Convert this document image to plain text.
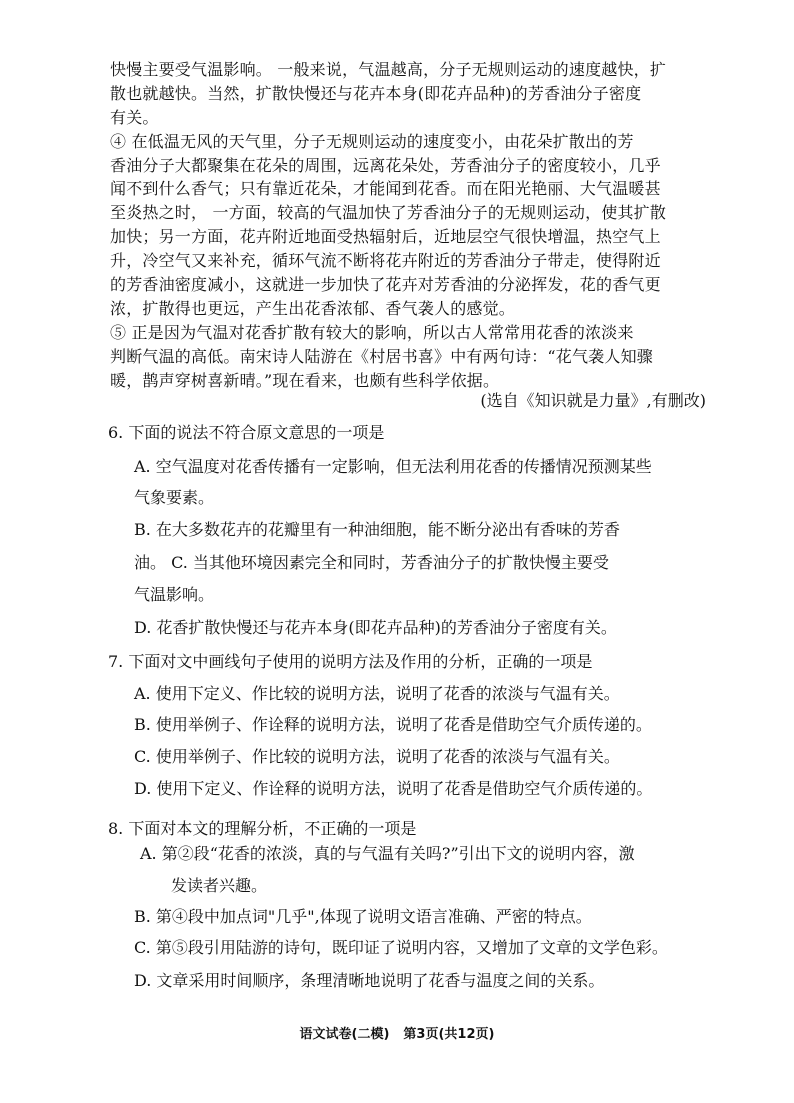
快慢主要受气温影响。 一般来说，气温越高，分子无规则运动的速度越快，扩
散也就越快。当然，扩散快慢还与花卉本身(即花卉品种)的芳香油分子密度
有关。
④ 在低温无风的天气里，分子无规则运动的速度变小，由花朵扩散出的芳
香油分子大都聚集在花朵的周围，远离花朵处，芳香油分子的密度较小，几乎
闻不到什么香气；只有靠近花朵，才能闻到花香。而在阳光艳丽、大气温暖甚
至炎热之时， 一方面，较高的气温加快了芳香油分子的无规则运动，使其扩散
加快；另一方面，花卉附近地面受热辐射后，近地层空气很快增温，热空气上
升，冷空气又来补充，循环气流不断将花卉附近的芳香油分子带走，使得附近
的芳香油密度减小，这就进一步加快了花卉对芳香油的分泌挥发，花的香气更
浓，扩散得也更远，产生出花香浓郁、香气袭人的感觉。
⑤ 正是因为气温对花香扩散有较大的影响，所以古人常常用花香的浓淡来
判断气温的高低。南宋诗人陆游在《村居书喜》中有两句诗：“花气袭人知骤
暖，鹊声穿树喜新晴。”现在看来，也颇有些科学依据。
(选自《知识就是力量》,有删改)
6. 下面的说法不符合原文意思的一项是
A. 空气温度对花香传播有一定影响，但无法利用花香的传播情况预测某些
气象要素。
B. 在大多数花卉的花瓣里有一种油细胞，能不断分泌出有香味的芳香
油。 C. 当其他环境因素完全和同时，芳香油分子的扩散快慢主要受
气温影响。
D. 花香扩散快慢还与花卉本身(即花卉品种)的芳香油分子密度有关。
7. 下面对文中画线句子使用的说明方法及作用的分析，正确的一项是
A. 使用下定义、作比较的说明方法，说明了花香的浓淡与气温有关。
B. 使用举例子、作诠释的说明方法，说明了花香是借助空气介质传递的。
C. 使用举例子、作比较的说明方法，说明了花香的浓淡与气温有关。
D. 使用下定义、作诠释的说明方法，说明了花香是借助空气介质传递的。
8. 下面对本文的理解分析，不正确的一项是
A. 第②段“花香的浓淡，真的与气温有关吗?”引出下文的说明内容，激
发读者兴趣。
B. 第④段中加点词"几乎",体现了说明文语言准确、严密的特点。
C. 第⑤段引用陆游的诗句，既印证了说明内容，又增加了文章的文学色彩。
D. 文章采用时间顺序，条理清晰地说明了花香与温度之间的关系。
语文试卷(二模) 第3页(共12页)
